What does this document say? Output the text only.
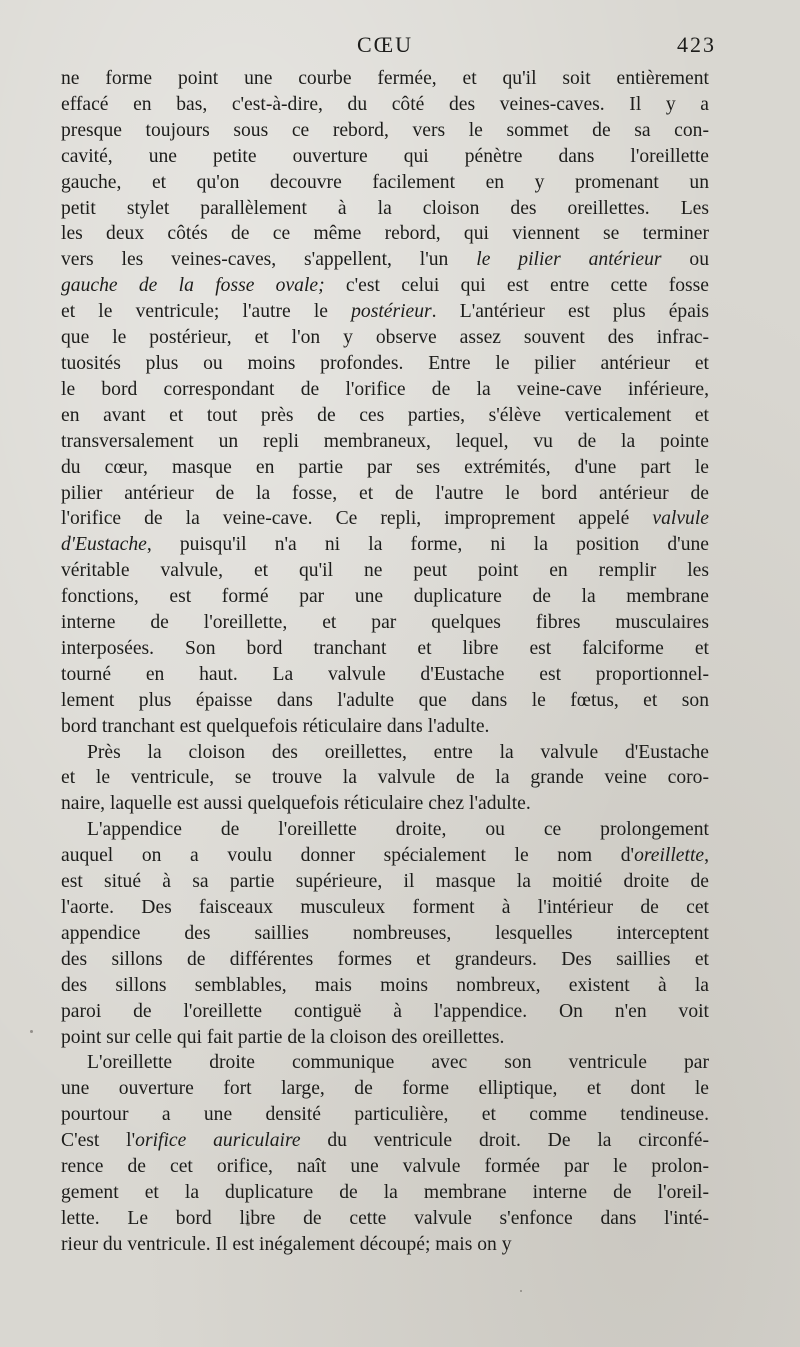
CŒU	423

ne forme point une courbe fermée, et qu'il soit entièrement
effacé en bas, c'est-à-dire, du côté des veines-caves. Il y a
presque toujours sous ce rebord, vers le sommet de sa con-
cavité, une petite ouverture qui pénètre dans l'oreillette
gauche, et qu'on decouvre facilement en y promenant un
petit stylet parallèlement à la cloison des oreillettes. Les
les deux côtés de ce même rebord, qui viennent se terminer
vers les veines-caves, s'appellent, l'un le pilier antérieur ou
gauche de la fosse ovale; c'est celui qui est entre cette fosse
et le ventricule; l'autre le postérieur. L'antérieur est plus épais
que le postérieur, et l'on y observe assez souvent des infrac-
tuosités plus ou moins profondes. Entre le pilier antérieur et
le bord correspondant de l'orifice de la veine-cave inférieure,
en avant et tout près de ces parties, s'élève verticalement et
transversalement un repli membraneux, lequel, vu de la pointe
du cœur, masque en partie par ses extrémités, d'une part le
pilier antérieur de la fosse, et de l'autre le bord antérieur de
l'orifice de la veine-cave. Ce repli, improprement appelé valvule
d'Eustache, puisqu'il n'a ni la forme, ni la position d'une
véritable valvule, et qu'il ne peut point en remplir les
fonctions, est formé par une duplicature de la membrane
interne de l'oreillette, et par quelques fibres musculaires
interposées. Son bord tranchant et libre est falciforme et
tourné en haut. La valvule d'Eustache est proportionnel-
lement plus épaisse dans l'adulte que dans le fœtus, et son
bord tranchant est quelquefois réticulaire dans l'adulte.

Près la cloison des oreillettes, entre la valvule d'Eustache
et le ventricule, se trouve la valvule de la grande veine coro-
naire, laquelle est aussi quelquefois réticulaire chez l'adulte.

L'appendice de l'oreillette droite, ou ce prolongement
auquel on a voulu donner spécialement le nom d'oreillette,
est situé à sa partie supérieure, il masque la moitié droite de
l'aorte. Des faisceaux musculeux forment à l'intérieur de cet
appendice des saillies nombreuses, lesquelles interceptent
des sillons de différentes formes et grandeurs. Des saillies et
des sillons semblables, mais moins nombreux, existent à la
paroi de l'oreillette contiguë à l'appendice. On n'en voit
point sur celle qui fait partie de la cloison des oreillettes.

L'oreillette droite communique avec son ventricule par
une ouverture fort large, de forme elliptique, et dont le
pourtour a une densité particulière, et comme tendineuse.
C'est l'orifice auriculaire du ventricule droit. De la circonfé-
rence de cet orifice, naît une valvule formée par le prolon-
gement et la duplicature de la membrane interne de l'oreil-
lette. Le bord libre de cette valvule s'enfonce dans l'inté-
rieur du ventricule. Il est inégalement découpé; mais on y
